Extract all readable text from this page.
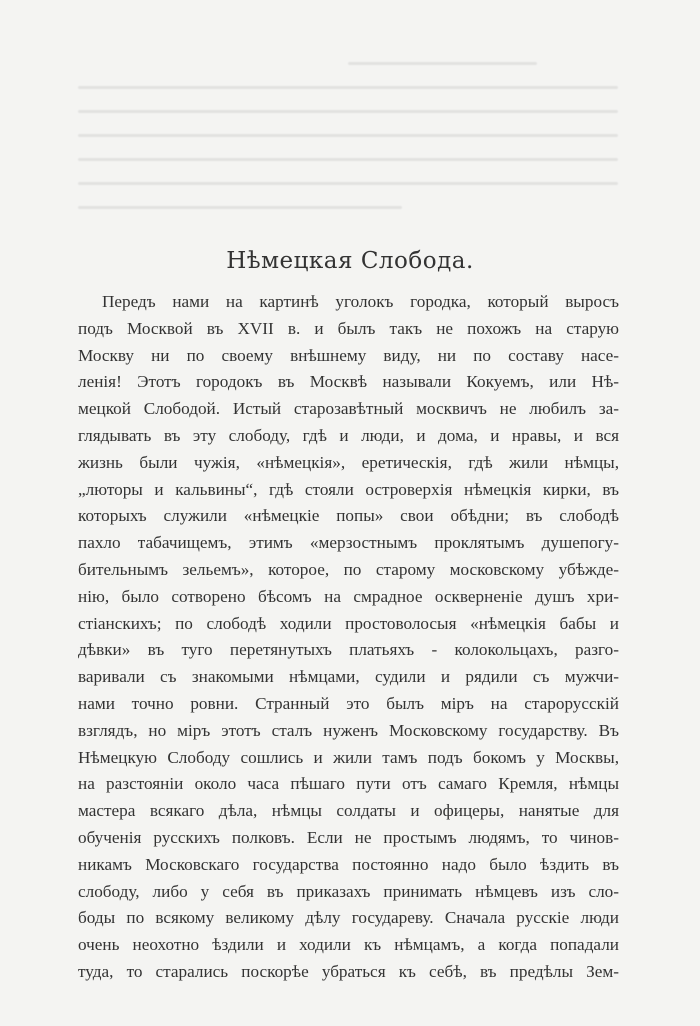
Нѣмецкая Слобода.
Передъ нами на картинѣ уголокъ городка, который выросъ
подъ Москвой въ XVII в. и былъ такъ не похожъ на старую
Москву ни по своему внѣшнему виду, ни по составу насе-
ленія! Этотъ городокъ въ Москвѣ называли Кокуемъ, или Нѣ-
мецкой Слободой. Истый старозавѣтный москвичъ не любилъ за-
глядывать въ эту слободу, гдѣ и люди, и дома, и нравы, и вся
жизнь были чужія, «нѣмецкія», еретическія, гдѣ жили нѣмцы,
„люторы и кальвины“, гдѣ стояли островерхія нѣмецкія кирки, въ
которыхъ служили «нѣмецкіе попы» свои обѣдни; въ слободѣ
пахло табачищемъ, этимъ «мерзостнымъ проклятымъ душепогу-
бительнымъ зельемъ», которое, по старому московскому убѣжде-
нію, было сотворено бѣсомъ на смрадное оскверненіе душъ хри-
стіанскихъ; по слободѣ ходили простоволосыя «нѣмецкія бабы и
дѣвки» въ туго перетянутыхъ платьяхъ - колокольцахъ, разго-
варивали съ знакомыми нѣмцами, судили и рядили съ мужчи-
нами точно ровни. Странный это былъ міръ на старорусскій
взглядъ, но міръ этотъ сталъ нуженъ Московскому государству. Въ
Нѣмецкую Слободу сошлись и жили тамъ подъ бокомъ у Москвы,
на разстояніи около часа пѣшаго пути отъ самаго Кремля, нѣмцы
мастера всякаго дѣла, нѣмцы солдаты и офицеры, нанятые для
обученія русскихъ полковъ. Если не простымъ людямъ, то чинов-
никамъ Московскаго государства постоянно надо было ѣздить въ
слободу, либо у себя въ приказахъ принимать нѣмцевъ изъ сло-
боды по всякому великому дѣлу государеву. Сначала русскіе люди
очень неохотно ѣздили и ходили къ нѣмцамъ, а когда попадали
туда, то старались поскорѣе убраться къ себѣ, въ предѣлы Зем-
